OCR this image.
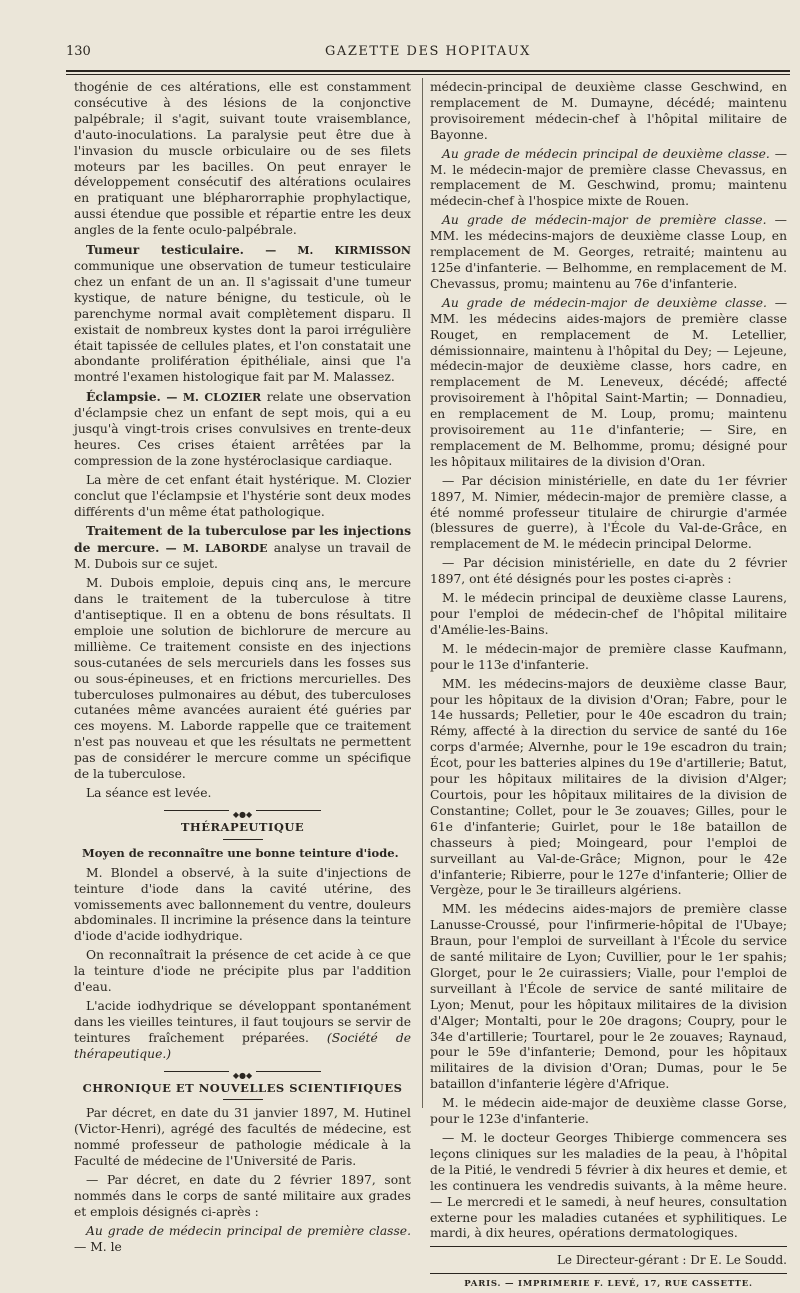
130	GAZETTE DES HOPITAUX

thogénie de ces altérations, elle est constamment consécutive à des lésions de la conjonctive palpébrale; il s'agit, suivant toute vraisemblance, d'auto-inoculations. La paralysie peut être due à l'invasion du muscle orbiculaire ou de ses filets moteurs par les bacilles. On peut enrayer le développement consécutif des altérations oculaires en pratiquant une blépharorraphie prophylactique, aussi étendue que possible et répartie entre les deux angles de la fente oculo-palpébrale.

Tumeur testiculaire. — M. KIRMISSON communique une observation de tumeur testiculaire chez un enfant de un an. Il s'agissait d'une tumeur kystique, de nature bénigne, du testicule, où le parenchyme normal avait complètement disparu. Il existait de nombreux kystes dont la paroi irrégulière était tapissée de cellules plates, et l'on constatait une abondante prolifération épithéliale, ainsi que l'a montré l'examen histologique fait par M. Malassez.

Éclampsie. — M. CLOZIER relate une observation d'éclampsie chez un enfant de sept mois, qui a eu jusqu'à vingt-trois crises convulsives en trente-deux heures. Ces crises étaient arrêtées par la compression de la zone hystéroclasique cardiaque.

La mère de cet enfant était hystérique. M. Clozier conclut que l'éclampsie et l'hystérie sont deux modes différents d'un même état pathologique.

Traitement de la tuberculose par les injections de mercure. — M. LABORDE analyse un travail de M. Dubois sur ce sujet.

M. Dubois emploie, depuis cinq ans, le mercure dans le traitement de la tuberculose à titre d'antiseptique. Il en a obtenu de bons résultats. Il emploie une solution de bichlorure de mercure au millième. Ce traitement consiste en des injections sous-cutanées de sels mercuriels dans les fosses sus ou sous-épineuses, et en frictions mercurielles. Des tuberculoses pulmonaires au début, des tuberculoses cutanées même avancées auraient été guéries par ces moyens. M. Laborde rappelle que ce traitement n'est pas nouveau et que les résultats ne permettent pas de considérer le mercure comme un spécifique de la tuberculose.

La séance est levée.

◆●◆
THÉRAPEUTIQUE
Moyen de reconnaître une bonne teinture d'iode.

M. Blondel a observé, à la suite d'injections de teinture d'iode dans la cavité utérine, des vomissements avec ballonnement du ventre, douleurs abdominales. Il incrimine la présence dans la teinture d'iode d'acide iodhydrique.

On reconnaîtrait la présence de cet acide à ce que la teinture d'iode ne précipite plus par l'addition d'eau.

L'acide iodhydrique se développant spontanément dans les vieilles teintures, il faut toujours se servir de teintures fraîchement préparées. (Société de thérapeutique.)

◆●◆
CHRONIQUE ET NOUVELLES SCIENTIFIQUES

Par décret, en date du 31 janvier 1897, M. Hutinel (Victor-Henri), agrégé des facultés de médecine, est nommé professeur de pathologie médicale à la Faculté de médecine de l'Université de Paris.

— Par décret, en date du 2 février 1897, sont nommés dans le corps de santé militaire aux grades et emplois désignés ci-après :

Au grade de médecin principal de première classe. — M. le

médecin-principal de deuxième classe Geschwind, en remplacement de M. Dumayne, décédé; maintenu provisoirement médecin-chef à l'hôpital militaire de Bayonne.

Au grade de médecin principal de deuxième classe. — M. le médecin-major de première classe Chevassus, en remplacement de M. Geschwind, promu; maintenu médecin-chef à l'hospice mixte de Rouen.

Au grade de médecin-major de première classe. — MM. les médecins-majors de deuxième classe Loup, en remplacement de M. Georges, retraité; maintenu au 125e d'infanterie. — Belhomme, en remplacement de M. Chevassus, promu; maintenu au 76e d'infanterie.

Au grade de médecin-major de deuxième classe. — MM. les médecins aides-majors de première classe Rouget, en remplacement de M. Letellier, démissionnaire, maintenu à l'hôpital du Dey; — Lejeune, médecin-major de deuxième classe, hors cadre, en remplacement de M. Leneveux, décédé; affecté provisoirement à l'hôpital Saint-Martin; — Donnadieu, en remplacement de M. Loup, promu; maintenu provisoirement au 11e d'infanterie; — Sire, en remplacement de M. Belhomme, promu; désigné pour les hôpitaux militaires de la division d'Oran.

— Par décision ministérielle, en date du 1er février 1897, M. Nimier, médecin-major de première classe, a été nommé professeur titulaire de chirurgie d'armée (blessures de guerre), à l'École du Val-de-Grâce, en remplacement de M. le médecin principal Delorme.

— Par décision ministérielle, en date du 2 février 1897, ont été désignés pour les postes ci-après :

M. le médecin principal de deuxième classe Laurens, pour l'emploi de médecin-chef de l'hôpital militaire d'Amélie-les-Bains.

M. le médecin-major de première classe Kaufmann, pour le 113e d'infanterie.

MM. les médecins-majors de deuxième classe Baur, pour les hôpitaux de la division d'Oran; Fabre, pour le 14e hussards; Pelletier, pour le 40e escadron du train; Rémy, affecté à la direction du service de santé du 16e corps d'armée; Alvernhe, pour le 19e escadron du train; Écot, pour les batteries alpines du 19e d'artillerie; Batut, pour les hôpitaux militaires de la division d'Alger; Courtois, pour les hôpitaux militaires de la division de Constantine; Collet, pour le 3e zouaves; Gilles, pour le 61e d'infanterie; Guirlet, pour le 18e bataillon de chasseurs à pied; Moingeard, pour l'emploi de surveillant au Val-de-Grâce; Mignon, pour le 42e d'infanterie; Ribierre, pour le 127e d'infanterie; Ollier de Vergèze, pour le 3e tirailleurs algériens.

MM. les médecins aides-majors de première classe Lanusse-Croussé, pour l'infirmerie-hôpital de l'Ubaye; Braun, pour l'emploi de surveillant à l'École du service de santé militaire de Lyon; Cuvillier, pour le 1er spahis; Glorget, pour le 2e cuirassiers; Vialle, pour l'emploi de surveillant à l'École de service de santé militaire de Lyon; Menut, pour les hôpitaux militaires de la division d'Alger; Montalti, pour le 20e dragons; Coupry, pour le 34e d'artillerie; Tourtarel, pour le 2e zouaves; Raynaud, pour le 59e d'infanterie; Demond, pour les hôpitaux militaires de la division d'Oran; Dumas, pour le 5e bataillon d'infanterie légère d'Afrique.

M. le médecin aide-major de deuxième classe Gorse, pour le 123e d'infanterie.

— M. le docteur Georges Thibierge commencera ses leçons cliniques sur les maladies de la peau, à l'hôpital de la Pitié, le vendredi 5 février à dix heures et demie, et les continuera les vendredis suivants, à la même heure. — Le mercredi et le samedi, à neuf heures, consultation externe pour les maladies cutanées et syphilitiques. Le mardi, à dix heures, opérations dermatologiques.

Le Directeur-gérant : Dr E. Le Soudd.
PARIS. — IMPRIMERIE F. LEVÉ, 17, RUE CASSETTE.
